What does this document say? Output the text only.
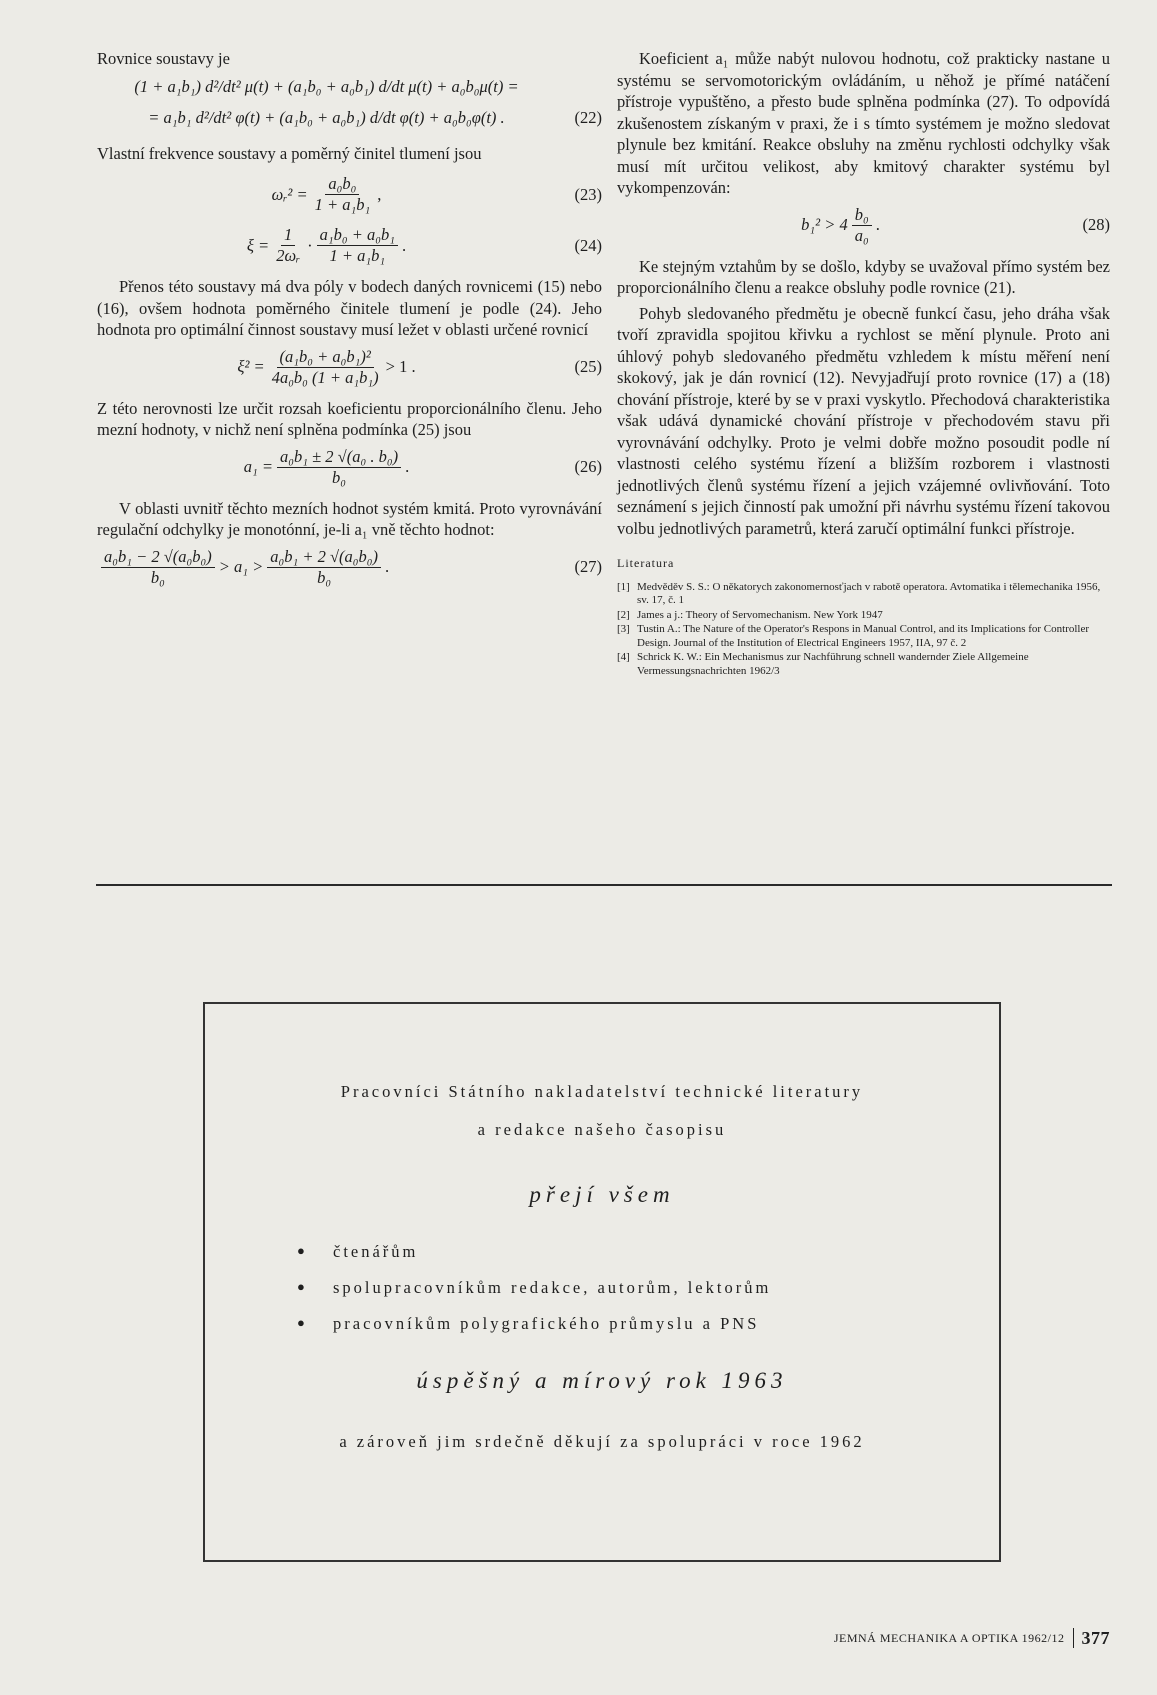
Rovnice soustavy je

(1 + a₁b₁) d²/dt² μ(t) + (a₁b₀ + a₀b₁) d/dt μ(t) + a₀b₀μ(t) =
= a₁b₁ d²/dt² φ(t) + (a₁b₀ + a₀b₁) d/dt φ(t) + a₀b₀φ(t) .	(22)

Vlastní frekvence soustavy a poměrný činitel tlumení jsou

ωᵣ² = $\frac{\text{a₀b₀}}{\text{1 + a₁b₁}}$ ,	(23)
$\xi = \frac{1}{\text{2ωᵣ}} \cdot \frac{\text{a₁b₀ + a₀b₁}}{\text{1 + a₁b₁}}$ .	(24)

Přenos této soustavy má dva póly v bodech daných rovnicemi (15) nebo (16), ovšem hodnota poměrného činitele tlumení je podle (24). Jeho hodnota pro optimální činnost soustavy musí ležet v oblasti určené rovnicí

$\xi^2 = \frac{\text{(a₁b₀ + a₀b₁)²}}{\text{4a₀b₀ (1 + a₁b₁)}} > 1$ .	(25)

Z této nerovnosti lze určit rozsah koeficientu proporcionálního členu. Jeho mezní hodnoty, v nichž není splněna podmínka (25) jsou

$a_1 = \frac{\text{a₀b₁ ± 2 √(a₀ . b₀)}}{\text{b₀}}$ .	(26)

V oblasti uvnitř těchto mezních hodnot systém kmitá. Proto vyrovnávání regulační odchylky je monotónní, je-li a₁ vně těchto hodnot:

$\frac{\text{a₀b₁ − 2 √(a₀b₀)}}{\text{b₀}} > a_1 > \frac{\text{a₀b₁ + 2 √(a₀b₀)}}{\text{b₀}}$ .	(27)

Koeficient a₁ může nabýt nulovou hodnotu, což prakticky nastane u systému se servomotorickým ovládáním, u něhož je přímé natáčení přístroje vypuštěno, a přesto bude splněna podmínka (27). To odpovídá zkušenostem získaným v praxi, že i s tímto systémem je možno sledovat plynule bez kmitání. Reakce obsluhy na změnu rychlosti odchylky však musí mít určitou velikost, aby kmitový charakter systému byl vykompenzován:

$b_1^2 > 4 \frac{\text{b₀}}{\text{a₀}}$ .	(28)

Ke stejným vztahům by se došlo, kdyby se uvažoval přímo systém bez proporcionálního členu a reakce obsluhy podle rovnice (21).

Pohyb sledovaného předmětu je obecně funkcí času, jeho dráha však tvoří zpravidla spojitou křivku a rychlost se mění plynule. Proto ani úhlový pohyb sledovaného předmětu vzhledem k místu měření není skokový, jak je dán rovnicí (12). Nevyjadřují proto rovnice (17) a (18) chování přístroje, které by se v praxi vyskytlo. Přechodová charakteristika však udává dynamické chování přístroje v přechodovém stavu při vyrovnávání odchylky. Proto je velmi dobře možno posoudit podle ní vlastnosti celého systému řízení a bližším rozborem i vlastnosti jednotlivých členů systému řízení a jejich vzájemné ovlivňování. Toto seznámení s jejich činností pak umožní při návrhu systému řízení takovou volbu jednotlivých parametrů, která zaručí optimální funkci přístroje.

Literatura
[1] Medvěděv S. S.: O někatorych zakonomernosťjach v rabotě operatora. Avtomatika i tělemechanika 1956, sv. 17, č. 1
[2] James a j.: Theory of Servomechanism. New York 1947
[3] Tustin A.: The Nature of the Operator's Respons in Manual Control, and its Implications for Controller Design. Journal of the Institution of Electrical Engineers 1957, IIA, 97 č. 2
[4] Schrick K. W.: Ein Mechanismus zur Nachführung schnell wandernder Ziele Allgemeine Vermessungsnachrichten 1962/3
Pracovníci Státního nakladatelství technické literatury
a redakce našeho časopisu
přejí všem
● čtenářům
● spolupracovníkům redakce, autorům, lektorům
● pracovníkům polygrafického průmyslu a PNS
úspěšný a mírový rok 1963
a zároveň jim srdečně děkují za spolupráci v roce 1962
JEMNÁ MECHANIKA A OPTIKA 1962/12 377
